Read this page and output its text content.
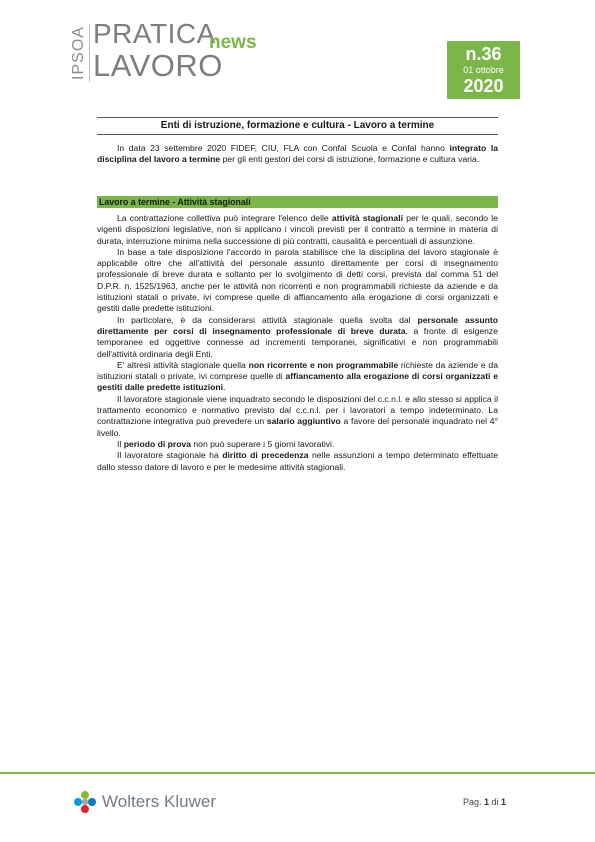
IPSOA PRATICA
news
LAVORO	n.36
01 ottobre
2020
Enti di istruzione, formazione e cultura - Lavoro a termine

In data 23 settembre 2020 FIDEF, CIU, FLA con Confal Scuola e Confal hanno integrato la disciplina del lavoro a termine per gli enti gestori dei corsi di istruzione, formazione e cultura varia.

Lavoro a termine - Attività stagionali

La contrattazione collettiva può integrare l'elenco delle attività stagionali per le quali, secondo le vigenti disposizioni legislative, non si applicano i vincoli previsti per il contratto a termine in materia di durata, interruzione minima nella successione di più contratti, causalità e percentuali di assunzione.

In base a tale disposizione l'accordo in parola stabilisce che la disciplina del lavoro stagionale è applicabile oltre che all'attività del personale assunto direttamente per corsi di insegnamento professionale di breve durata e soltanto per lo svolgimento di detti corsi, prevista dal comma 51 del D.P.R. n. 1525/1963, anche per le attività non ricorrenti e non programmabili richieste da aziende e da istituzioni statali o private, ivi comprese quelle di affiancamento alla erogazione di corsi organizzati e gestiti dalle predette istituzioni.

In particolare, è da considerarsi attività stagionale quella svolta dal personale assunto direttamente per corsi di insegnamento professionale di breve durata, a fronte di esigenze temporanee ed oggettive connesse ad incrementi temporanei, significativi e non programmabili dell'attività ordinaria degli Enti.

E' altresì attività stagionale quella non ricorrente e non programmabile richieste da aziende e da istituzioni statali o private, ivi comprese quelle di affiancamento alla erogazione di corsi organizzati e gestiti dalle predette istituzioni.

Il lavoratore stagionale viene inquadrato secondo le disposizioni del c.c.n.l. e allo stesso si applica il trattamento economico e normativo previsto dal c.c.n.l. per i lavoratori a tempo indeterminato. La contrattazione integrativa può prevedere un salario aggiuntivo a favore del personale inquadrato nel 4° livello.

Il periodo di prova non può superare i 5 giorni lavorativi.

Il lavoratore stagionale ha diritto di precedenza nelle assunzioni a tempo determinato effettuate dallo stesso datore di lavoro e per le medesime attività stagionali.

Wolters Kluwer	Pag. 1 di 1
